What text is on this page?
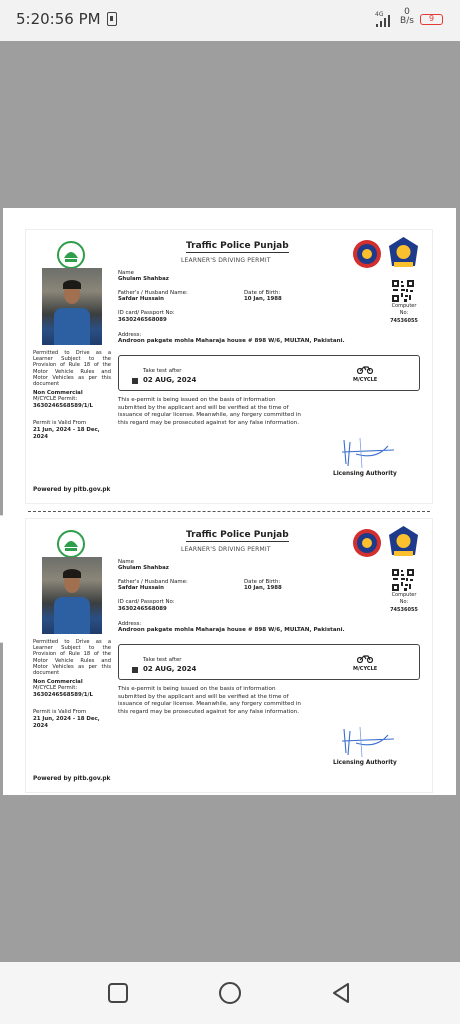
5:20:56 PM	4G	0
B/s	9
Traffic Police Punjab
LEARNER'S DRIVING PERMIT
Name
Ghulam Shahbaz
Father's / Husband Name:
Safdar Hussain
Date of Birth:
10 Jan, 1988
ID card/ Passport No:
3630246568089
Computer No:
74536055
Address:
Androon pakgate mohla Maharaja house # 898 W/6, MULTAN, Pakistani.
Permitted to Drive as a Learner Subject to the Provision of Rule 18 of the Motor Vehicle Rules and Motor Vehicles as per this document
Non Commercial
M/CYCLE Permit:
3630246568589/1/L
Permit is Valid From
21 Jun, 2024 - 18 Dec, 2024
Take test after
02 AUG, 2024	M/CYCLE
This e-permit is being issued on the basis of information submitted by the applicant and will be verified at the time of issuance of regular license. Meanwhile, any forgery committed in this regard may be prosecuted against for any false information.
Licensing Authority
Powered by pitb.gov.pk
Traffic Police Punjab
LEARNER'S DRIVING PERMIT
Name
Ghulam Shahbaz
Father's / Husband Name:
Safdar Hussain
Date of Birth:
10 Jan, 1988
ID card/ Passport No:
3630246568089
Computer No:
74536055
Address:
Androon pakgate mohla Maharaja house # 898 W/6, MULTAN, Pakistani.
Permitted to Drive as a Learner Subject to the Provision of Rule 18 of the Motor Vehicle Rules and Motor Vehicles as per this document
Non Commercial
M/CYCLE Permit:
3630246568589/1/L
Permit is Valid From
21 Jun, 2024 - 18 Dec, 2024
Take test after
02 AUG, 2024	M/CYCLE
This e-permit is being issued on the basis of information submitted by the applicant and will be verified at the time of issuance of regular license. Meanwhile, any forgery committed in this regard may be prosecuted against for any false information.
Licensing Authority
Powered by pitb.gov.pk
